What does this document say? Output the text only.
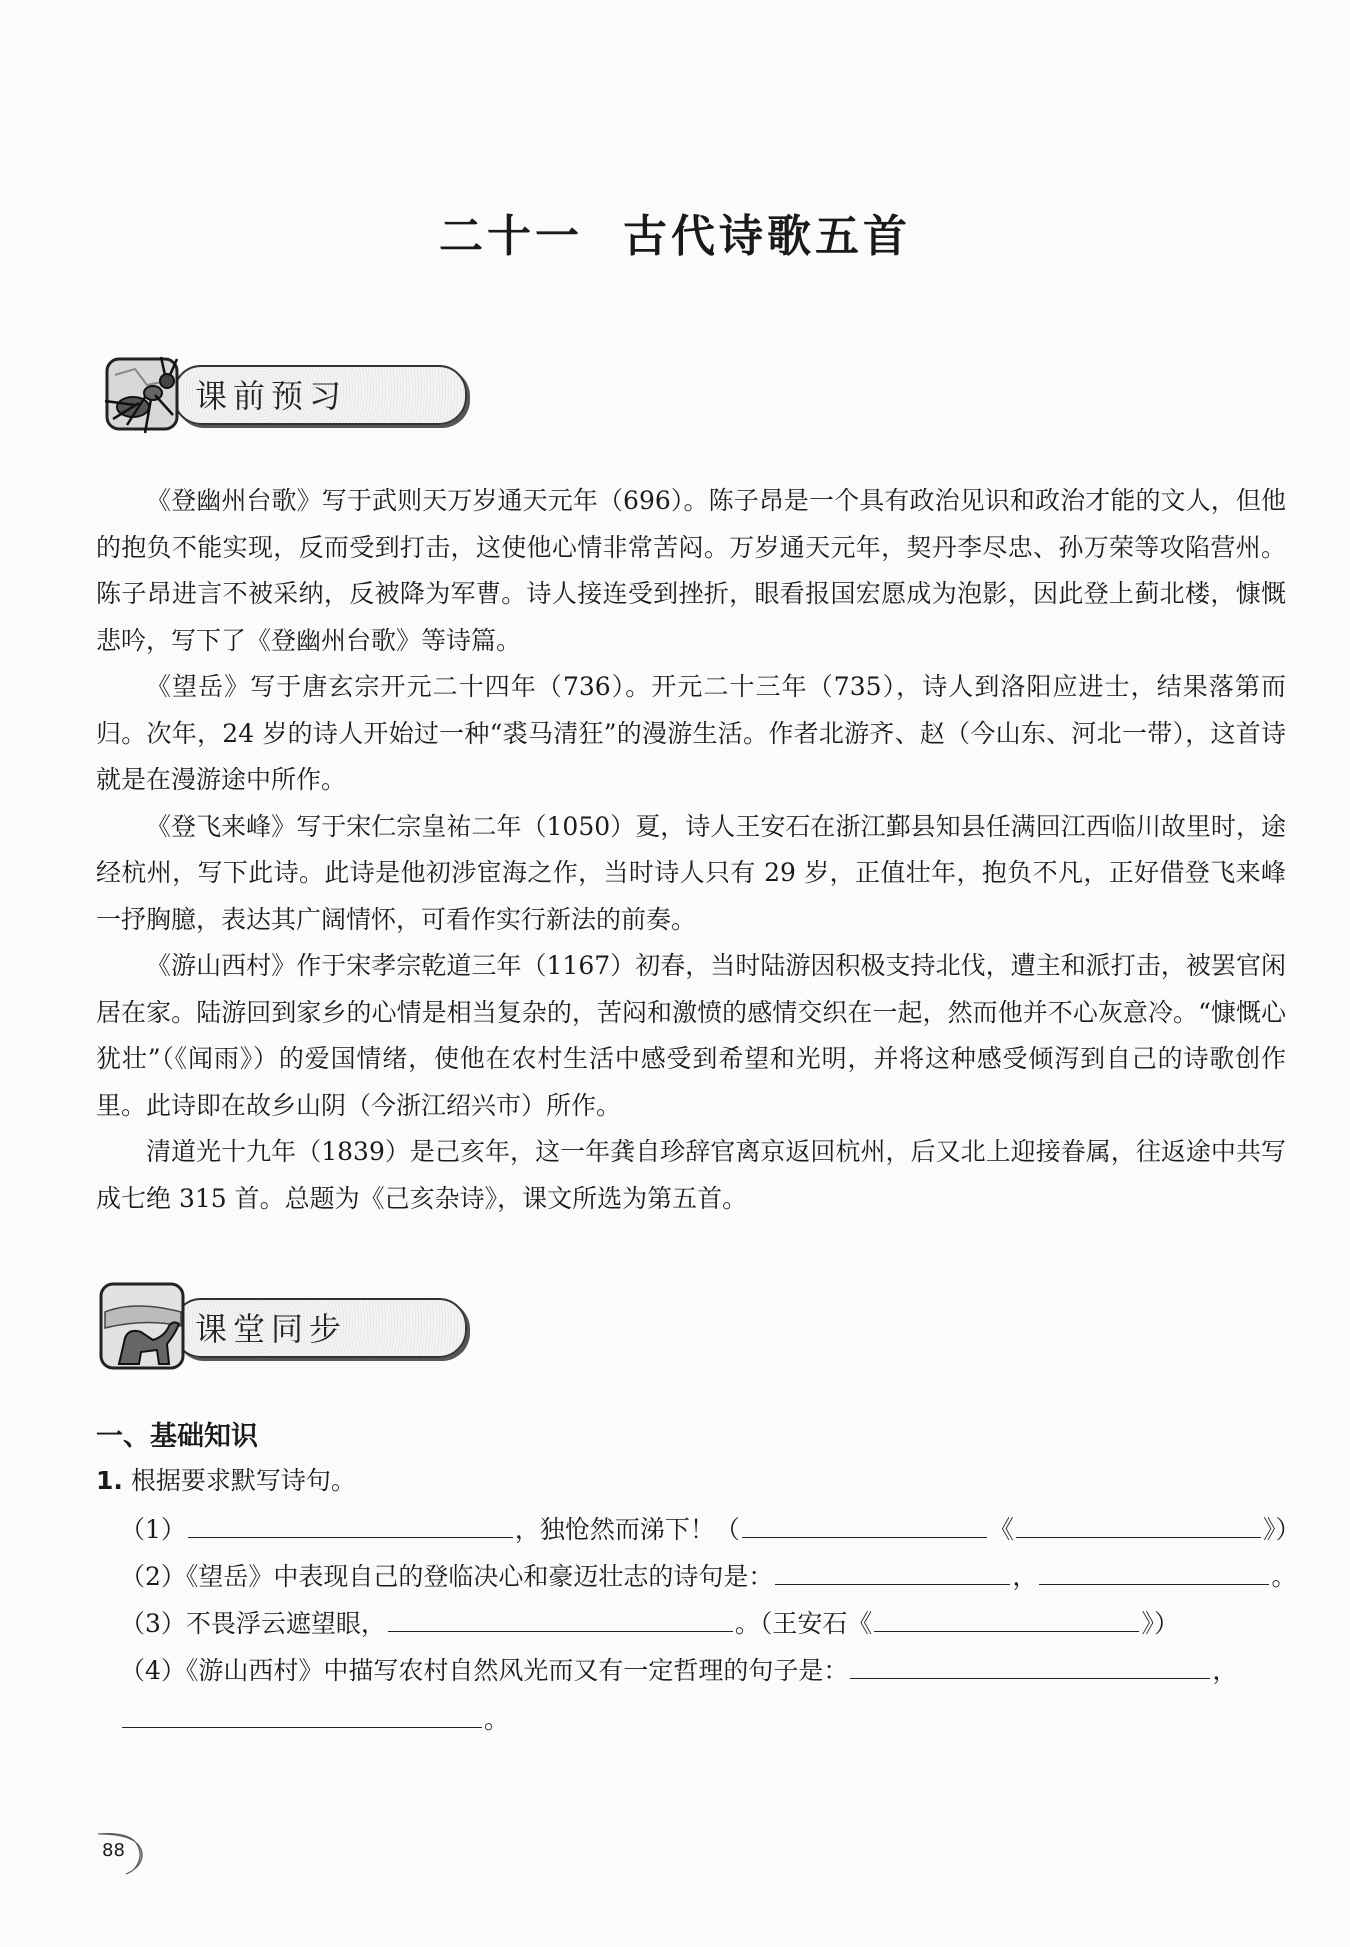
二十一 古代诗歌五首
课前预习

《登幽州台歌》写于武则天万岁通天元年（696）。陈子昂是一个具有政治见识和政治才能的文人，但他的抱负不能实现，反而受到打击，这使他心情非常苦闷。万岁通天元年，契丹李尽忠、孙万荣等攻陷营州。陈子昂进言不被采纳，反被降为军曹。诗人接连受到挫折，眼看报国宏愿成为泡影，因此登上蓟北楼，慷慨悲吟，写下了《登幽州台歌》等诗篇。

《望岳》写于唐玄宗开元二十四年（736）。开元二十三年（735），诗人到洛阳应进士，结果落第而归。次年，24 岁的诗人开始过一种“裘马清狂”的漫游生活。作者北游齐、赵（今山东、河北一带），这首诗就是在漫游途中所作。

《登飞来峰》写于宋仁宗皇祐二年（1050）夏，诗人王安石在浙江鄞县知县任满回江西临川故里时，途经杭州，写下此诗。此诗是他初涉宦海之作，当时诗人只有 29 岁，正值壮年，抱负不凡，正好借登飞来峰一抒胸臆，表达其广阔情怀，可看作实行新法的前奏。

《游山西村》作于宋孝宗乾道三年（1167）初春，当时陆游因积极支持北伐，遭主和派打击，被罢官闲居在家。陆游回到家乡的心情是相当复杂的，苦闷和激愤的感情交织在一起，然而他并不心灰意冷。“慷慨心犹壮”（《闻雨》）的爱国情绪，使他在农村生活中感受到希望和光明，并将这种感受倾泻到自己的诗歌创作里。此诗即在故乡山阴（今浙江绍兴市）所作。

清道光十九年（1839）是己亥年，这一年龚自珍辞官离京返回杭州，后又北上迎接眷属，往返途中共写成七绝 315 首。总题为《己亥杂诗》，课文所选为第五首。

课堂同步
一、基础知识
1. 根据要求默写诗句。
（1）	，独怆然而涕下！（	《	》）
（2）《望岳》中表现自己的登临决心和豪迈壮志的诗句是：	，	。
（3）不畏浮云遮望眼，	。（王安石《	》）
（4）《游山西村》中描写农村自然风光而又有一定哲理的句子是：	，
。
88
